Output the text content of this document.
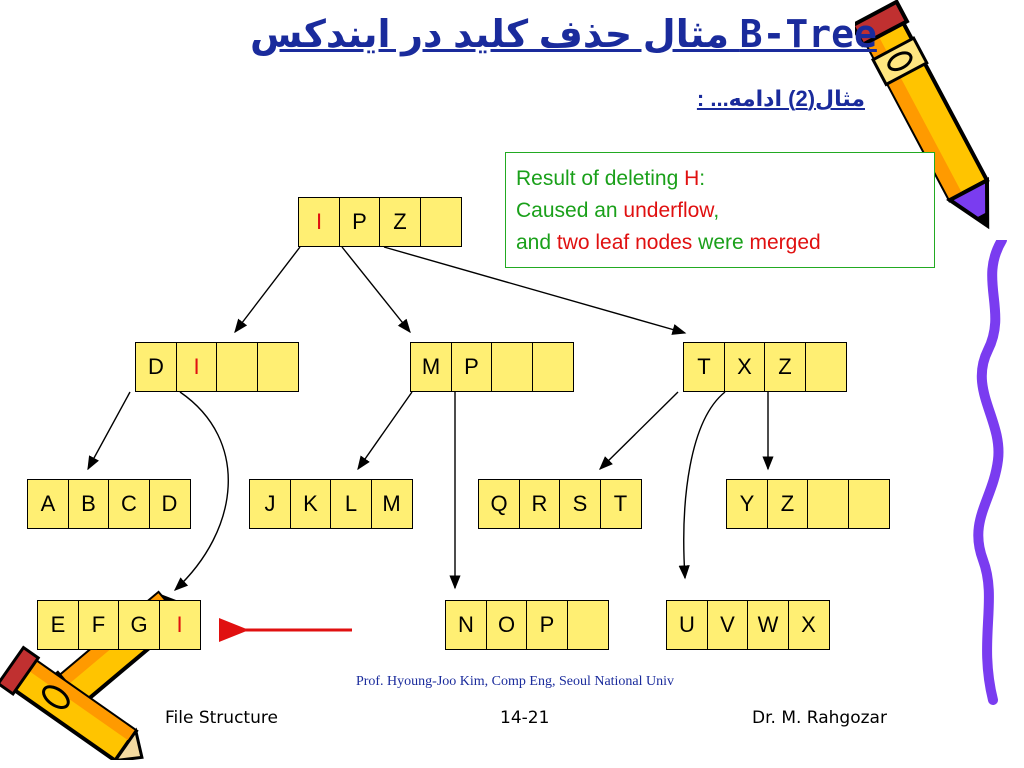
مثال حذف کلید در ایندکس B-Tree
مثال(2) ادامه... :
Result of deleting H:
Caused an underflow,
and two leaf nodes were merged
I	P	Z
D	I	M	P	T	X	Z
A	B	C	D	J	K	L	M	Q	R	S	T	Y	Z
E	F	G	I	N	O	P	U	V	W	X
Prof. Hyoung-Joo Kim, Comp Eng, Seoul National Univ
File Structure	14-21	Dr. M. Rahgozar
